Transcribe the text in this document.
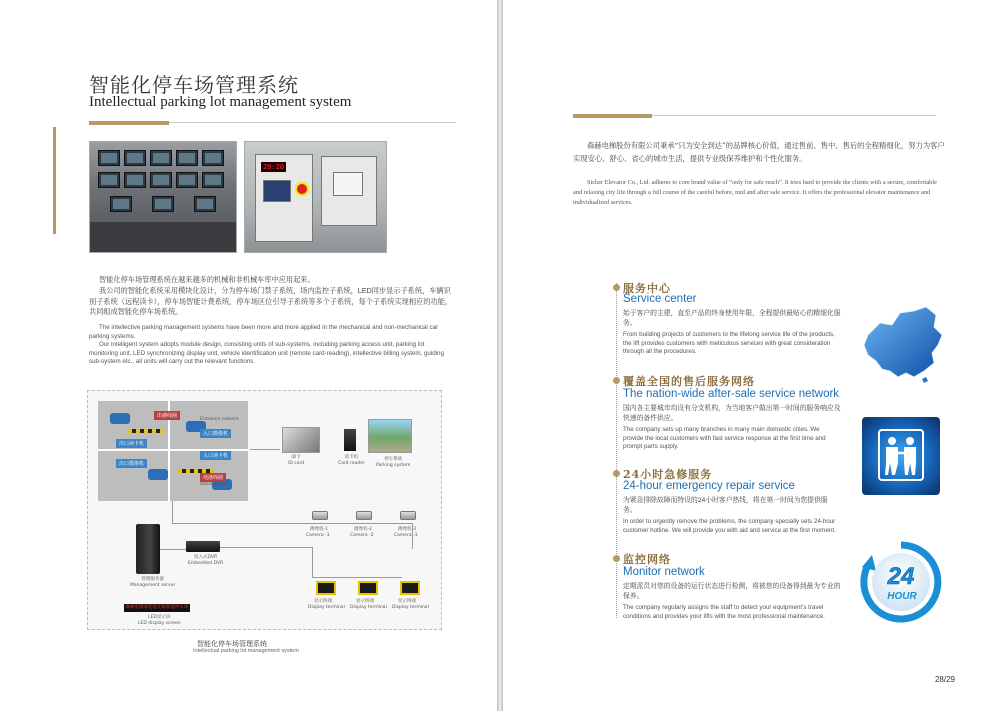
智能化停车场管理系统
Intellectual parking lot management system
20:20
智能化停车场管理系统在越来越多的机械和非机械车库中应用起来。
我公司的智能化系统采用模块化设计，分为停车场门禁子系统，场内监控子系统，LED同步显示子系统，车辆识别子系统（远程读卡），停车场智能计费系统，停车场区位引导子系统等多个子系统，每个子系统实现相应的功能，共同组成智能化停车场系统。
The intellective parking management systems have been more and more applied in the mechanical and non-mechanical car parking systems.
Our intelligent system adopts module design, consisting units of sub-systems, including parking access unit, parking lot monitoring unit, LED synchronizing display unit, vehicle identification unit (remote card-reading), intellective billing system, guiding sub-system etc., all units will carry out the relevant functions.
出感线圈
入口摄像机
出口读卡机
入口读卡机
出口摄像机
地感线圈
Entrance camera
Sensing coil
ID卡
ID card
读卡机
Card reader
停车系统
Parking system
摄像机-1	摄像机-2	摄像机-3
Camera -1	Camera -2	Camera -3
管理服务器
Management server
嵌入式DVR
Embedded DVR
显示终端	显示终端	显示终端
Display terminal Display terminal Display terminal
森赫电梯欢迎您光临智能停车场
LED显示屏
LED display screen
智能化停车场管理系统
Intellectual parking lot management system
森赫电梯股份有限公司秉承“只为安全到达”的品牌核心价值，通过售前、售中、售后的全程精细化，努力为客户实现安心、舒心、省心的城市生活，提供专业级保养维护和个性化服务。
Sicher Elevator Co., Ltd. adheres to core brand value of “only for safe reach”. It tries hard to provide the clients with a secure, comfortable and relaxing city life through a full course of the careful before, mid and after sale service. It offers the professional elevator maintenance and individualized services.
服务中心
Service center
始于客户的主建，直至产品的终身使用年限，全程提供最贴心的精细化服务。
From building projects of customers to the lifelong service life of the products, the lift provides customers with meticulous services with great consideration through all the procedures.
覆盖全国的售后服务网络
The nation-wide after-sale service network
国内各主要城市均设有分支机构，为当地客户做出第一时间的服务响应及快速的备件供应。
The company sets up many branches in many main domestic cities. We provide the local customers with fast service response at the first time and prompt parts supply.
24小时急修服务
24-hour emergency repair service
为紧急排除故障而特设的24小时客户热线，将在第一时间为您提供服务。
In order to urgently remove the problems, the company specially sets 24-hour customer hotline. We will provide you with aid and service at the first moment.
监控网络
Monitor network
定期派员对您的设备的运行状态进行检测，将被您的设备得到最为专业的保养。
The company regularly assigns the staff to detect your equipment’s travel conditions and provides your lifts with the most professional maintenance.
24
HOUR
28/29
